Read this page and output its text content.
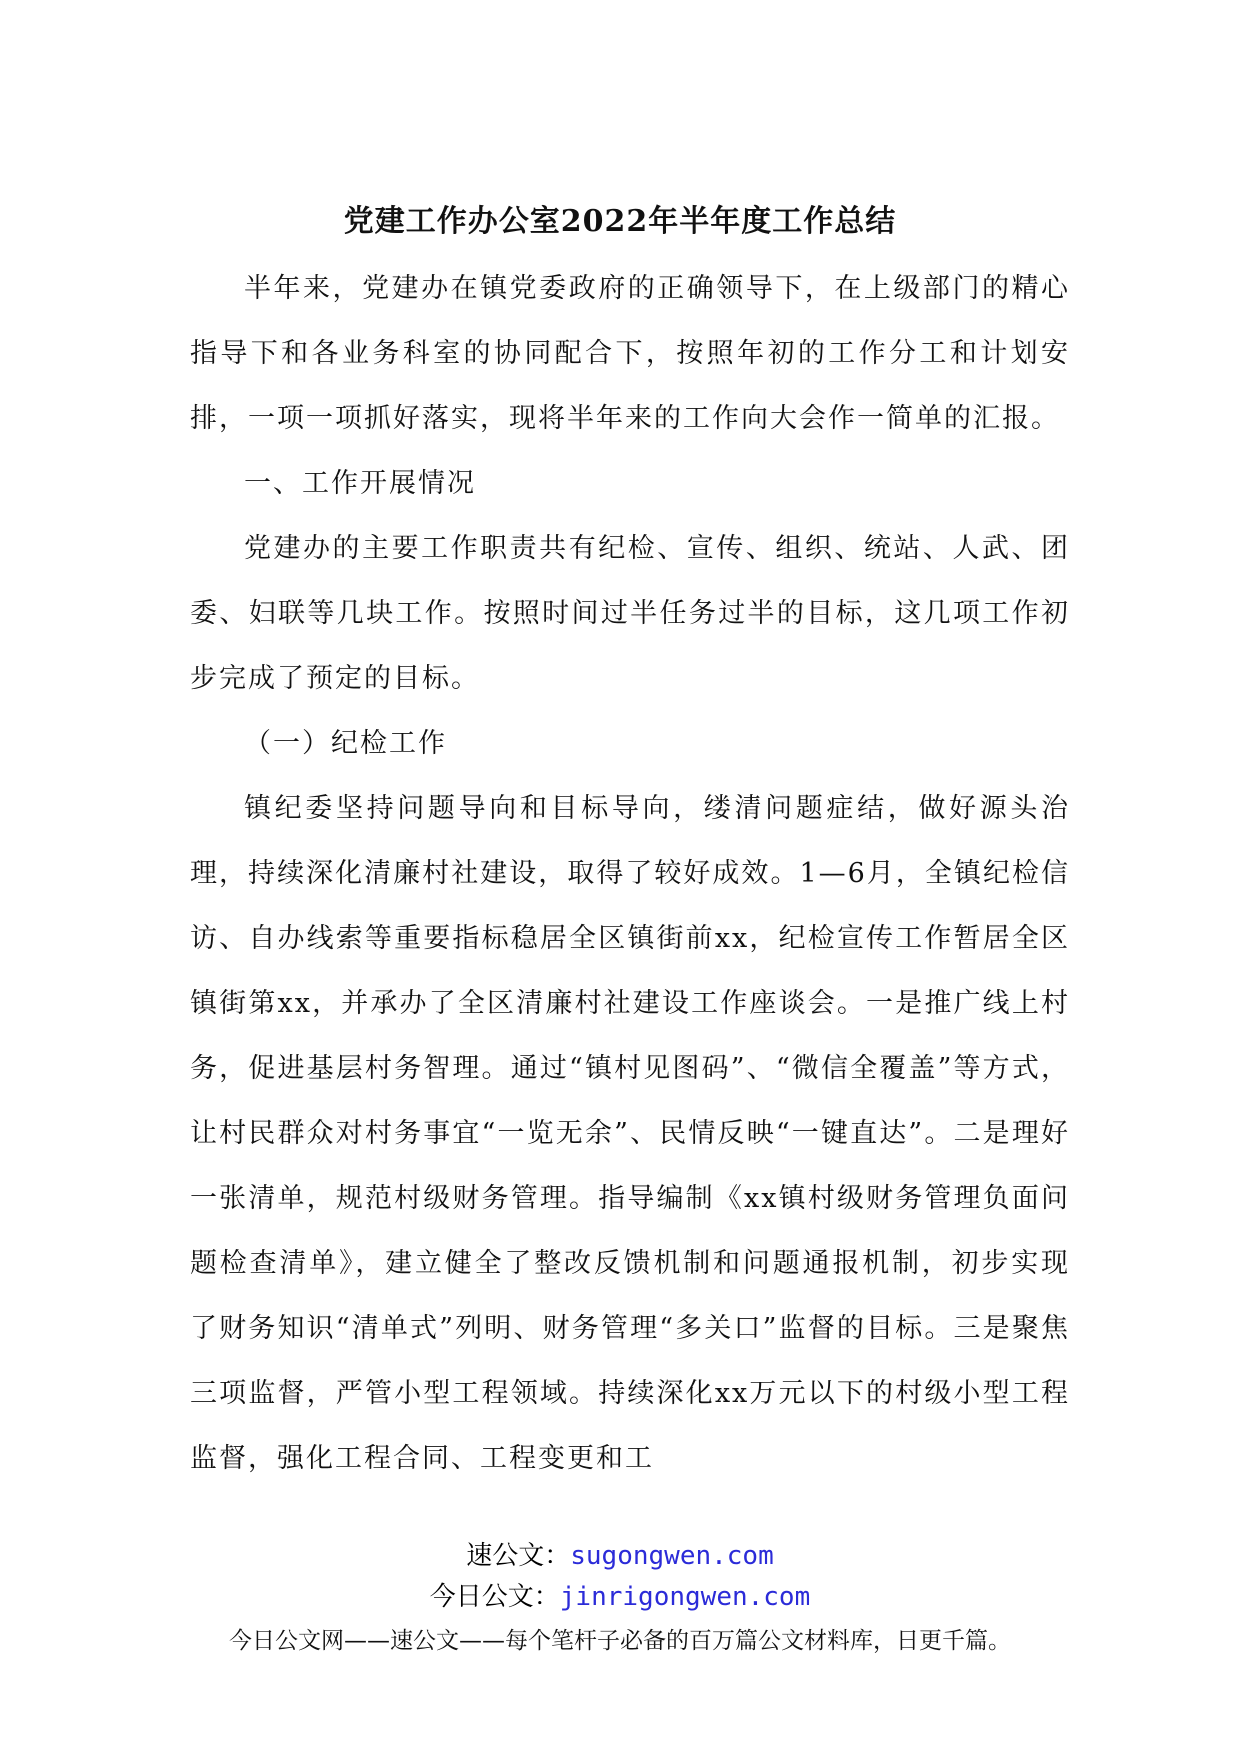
党建工作办公室2022年半年度工作总结

半年来，党建办在镇党委政府的正确领导下，在上级部门的精心指导下和各业务科室的协同配合下，按照年初的工作分工和计划安排，一项一项抓好落实，现将半年来的工作向大会作一简单的汇报。

一、工作开展情况

党建办的主要工作职责共有纪检、宣传、组织、统站、人武、团委、妇联等几块工作。按照时间过半任务过半的目标，这几项工作初步完成了预定的目标。

（一）纪检工作

镇纪委坚持问题导向和目标导向，缕清问题症结，做好源头治理，持续深化清廉村社建设，取得了较好成效。1—6月，全镇纪检信访、自办线索等重要指标稳居全区镇街前xx，纪检宣传工作暂居全区镇街第xx，并承办了全区清廉村社建设工作座谈会。一是推广线上村务，促进基层村务智理。通过“镇村见图码”、“微信全覆盖”等方式，让村民群众对村务事宜“一览无余”、民情反映“一键直达”。二是理好一张清单，规范村级财务管理。指导编制《xx镇村级财务管理负面问题检查清单》，建立健全了整改反馈机制和问题通报机制，初步实现了财务知识“清单式”列明、财务管理“多关口”监督的目标。三是聚焦三项监督，严管小型工程领域。持续深化xx万元以下的村级小型工程监督，强化工程合同、工程变更和工

速公文：sugongwen.com
今日公文：jinrigongwen.com
今日公文网——速公文——每个笔杆子必备的百万篇公文材料库，日更千篇。
